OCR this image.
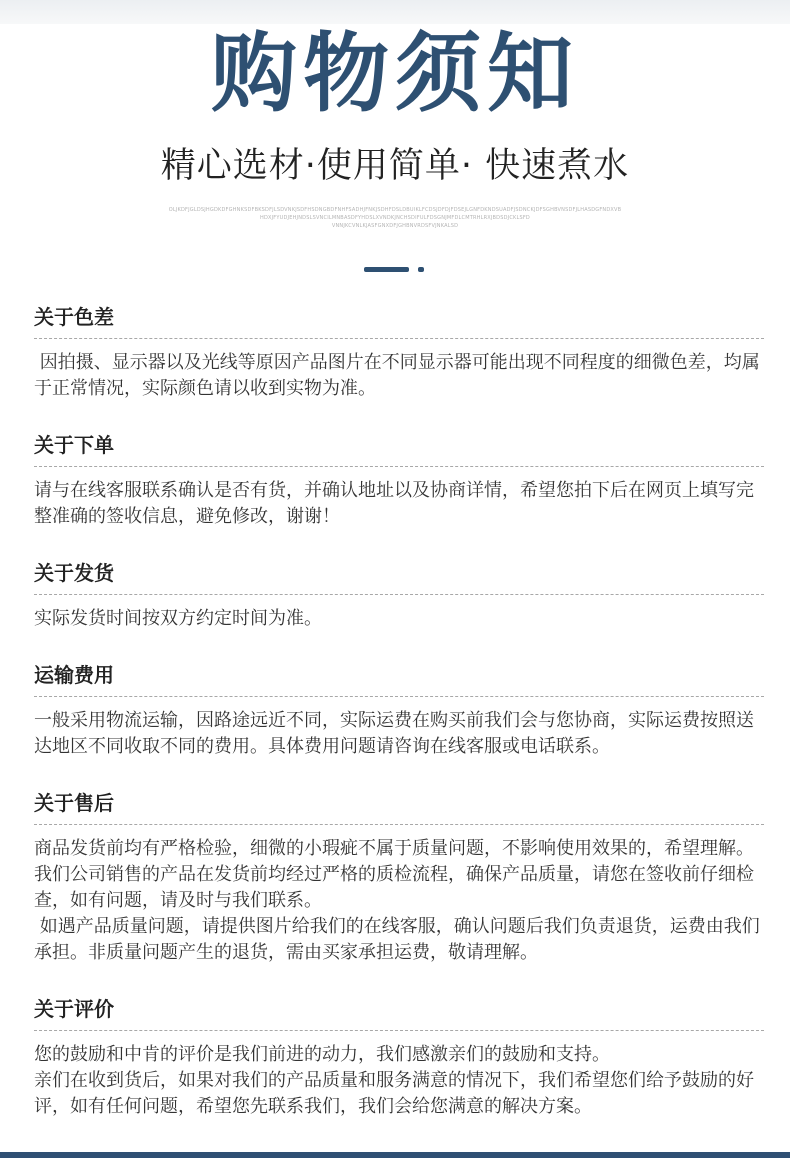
购物须知
精心选材·使用简单· 快速煮水
OLJKDFJGLDSJHGDKDFGHNKSDFBKSDFJLSDVNKJSDFHSDNGBDFNHFSADHJFNKJSDHFDSLDBUIKLFCDSJDFDJFDSEJLGNFDKNDSUADFJSDNCKJDFSGHBVNSDFJLHASDGFNDXVB
HDXJFYUDJEHJNDSLSVNCILMNBASDFYHDSLXVNDKJNCHSDIFULFDSGNJMFDLCMTRHLRXJBDSDJCKLSFD
VNNJKCVNLKJASFGNXDFJGHBNVRDSFVJNKALSD
关于色差

因拍摄、显示器以及光线等原因产品图片在不同显示器可能出现不同程度的细微色差，均属于正常情况，实际颜色请以收到实物为准。

关于下单

请与在线客服联系确认是否有货，并确认地址以及协商详情，希望您拍下后在网页上填写完整准确的签收信息，避免修改，谢谢！

关于发货

实际发货时间按双方约定时间为准。

运输费用

一般采用物流运输，因路途远近不同，实际运费在购买前我们会与您协商，实际运费按照送达地区不同收取不同的费用。具体费用问题请咨询在线客服或电话联系。

关于售后

商品发货前均有严格检验，细微的小瑕疵不属于质量问题，不影响使用效果的，希望理解。

我们公司销售的产品在发货前均经过严格的质检流程，确保产品质量，请您在签收前仔细检查，如有问题，请及时与我们联系。

如遇产品质量问题，请提供图片给我们的在线客服，确认问题后我们负责退货，运费由我们承担。非质量问题产生的退货，需由买家承担运费，敬请理解。

关于评价

您的鼓励和中肯的评价是我们前进的动力，我们感激亲们的鼓励和支持。

亲们在收到货后，如果对我们的产品质量和服务满意的情况下，我们希望您们给予鼓励的好评，如有任何问题，希望您先联系我们，我们会给您满意的解决方案。
